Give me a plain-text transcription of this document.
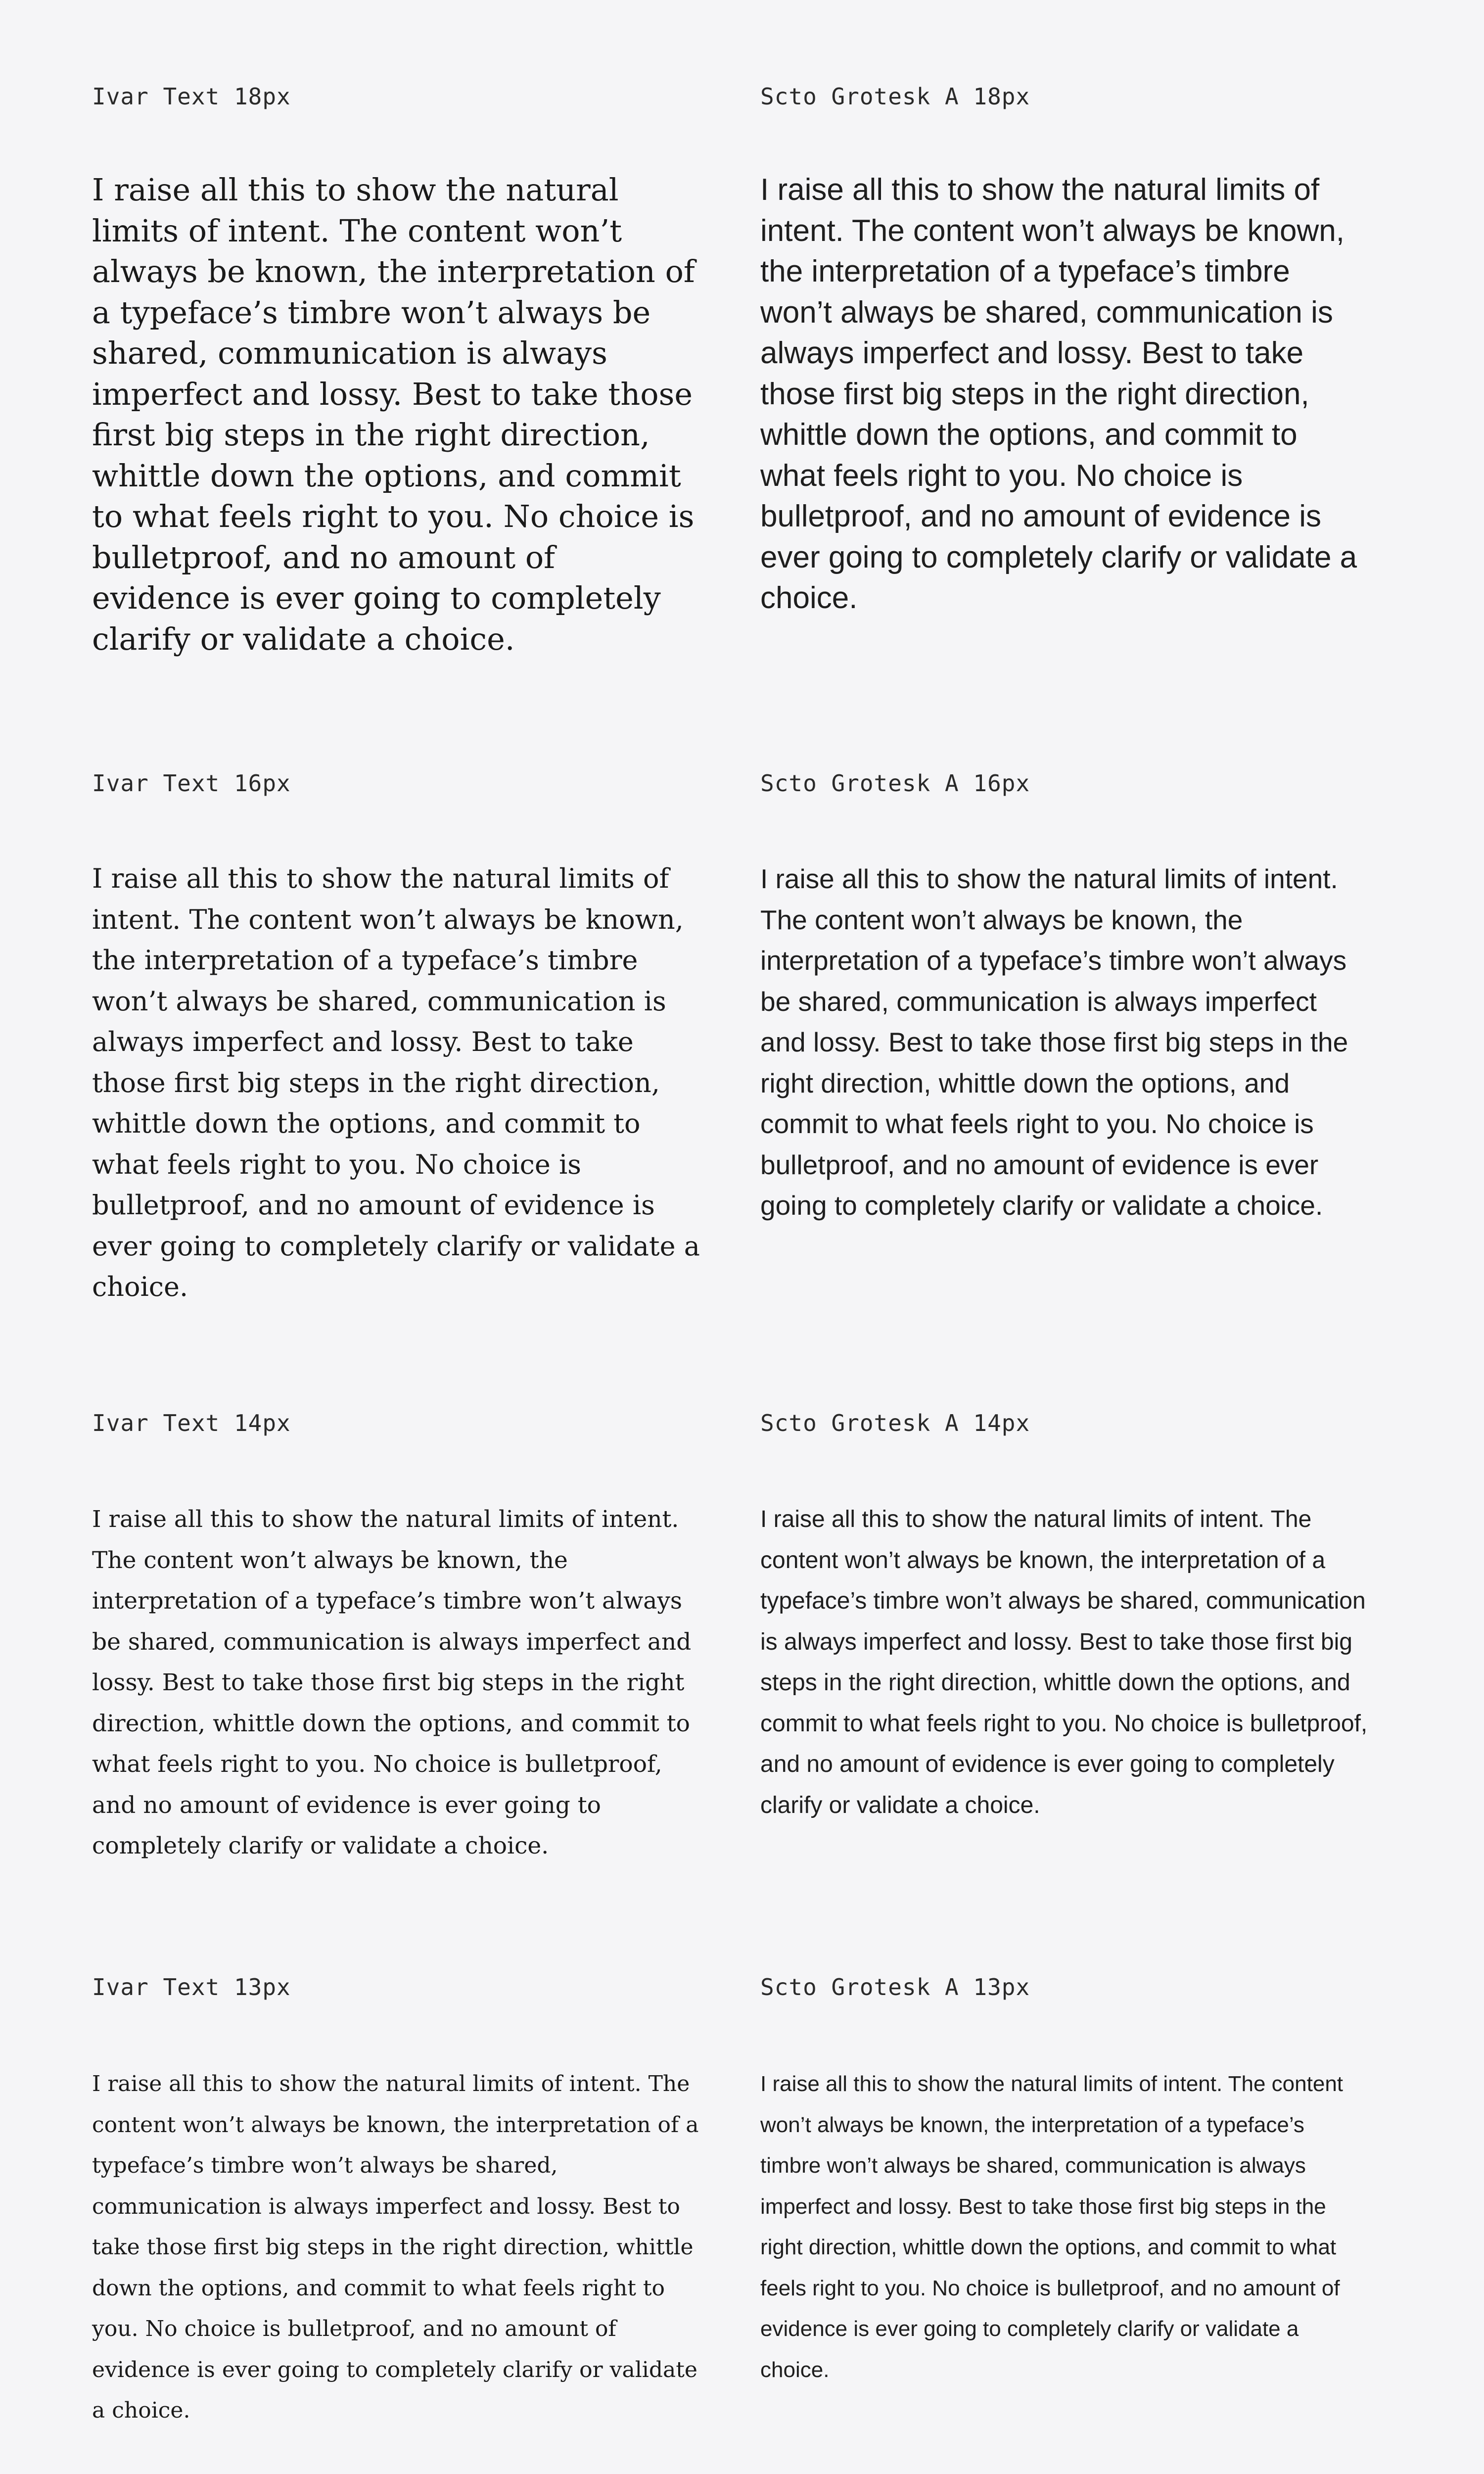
Ivar Text 18px	Scto Grotesk A 18px

I raise all this to show the natural limits of intent. The content won’t always be known, the interpretation of a typeface’s timbre won’t always be shared, communication is always imperfect and lossy. Best to take those first big steps in the right direction, whittle down the options, and commit to what feels right to you. No choice is bulletproof, and no amount of evidence is ever going to completely clarify or validate a choice.

I raise all this to show the natural limits of intent. The content won’t always be known, the interpretation of a typeface’s timbre won’t always be shared, communication is always imperfect and lossy. Best to take those first big steps in the right direction, whittle down the options, and commit to what feels right to you. No choice is bulletproof, and no amount of evidence is ever going to completely clarify or validate a choice.

Ivar Text 16px	Scto Grotesk A 16px

I raise all this to show the natural limits of intent. The content won’t always be known, the interpretation of a typeface’s timbre won’t always be shared, communication is always imperfect and lossy. Best to take those first big steps in the right direction, whittle down the options, and commit to what feels right to you. No choice is bulletproof, and no amount of evidence is ever going to completely clarify or validate a choice.

I raise all this to show the natural limits of intent. The content won’t always be known, the interpretation of a typeface’s timbre won’t always be shared, communication is always imperfect and lossy. Best to take those first big steps in the right direction, whittle down the options, and commit to what feels right to you. No choice is bulletproof, and no amount of evidence is ever going to completely clarify or validate a choice.

Ivar Text 14px	Scto Grotesk A 14px

I raise all this to show the natural limits of intent. The content won’t always be known, the interpretation of a typeface’s timbre won’t always be shared, communication is always imperfect and lossy. Best to take those first big steps in the right direction, whittle down the options, and commit to what feels right to you. No choice is bulletproof, and no amount of evidence is ever going to completely clarify or validate a choice.

I raise all this to show the natural limits of intent. The content won’t always be known, the interpretation of a typeface’s timbre won’t always be shared, communication is always imperfect and lossy. Best to take those first big steps in the right direction, whittle down the options, and commit to what feels right to you. No choice is bulletproof, and no amount of evidence is ever going to completely clarify or validate a choice.

Ivar Text 13px	Scto Grotesk A 13px

I raise all this to show the natural limits of intent. The content won’t always be known, the interpretation of a typeface’s timbre won’t always be shared, communication is always imperfect and lossy. Best to take those first big steps in the right direction, whittle down the options, and commit to what feels right to you. No choice is bulletproof, and no amount of evidence is ever going to completely clarify or validate a choice.

I raise all this to show the natural limits of intent. The content won’t always be known, the interpretation of a typeface’s timbre won’t always be shared, communication is always imperfect and lossy. Best to take those first big steps in the right direction, whittle down the options, and commit to what feels right to you. No choice is bulletproof, and no amount of evidence is ever going to completely clarify or validate a choice.
